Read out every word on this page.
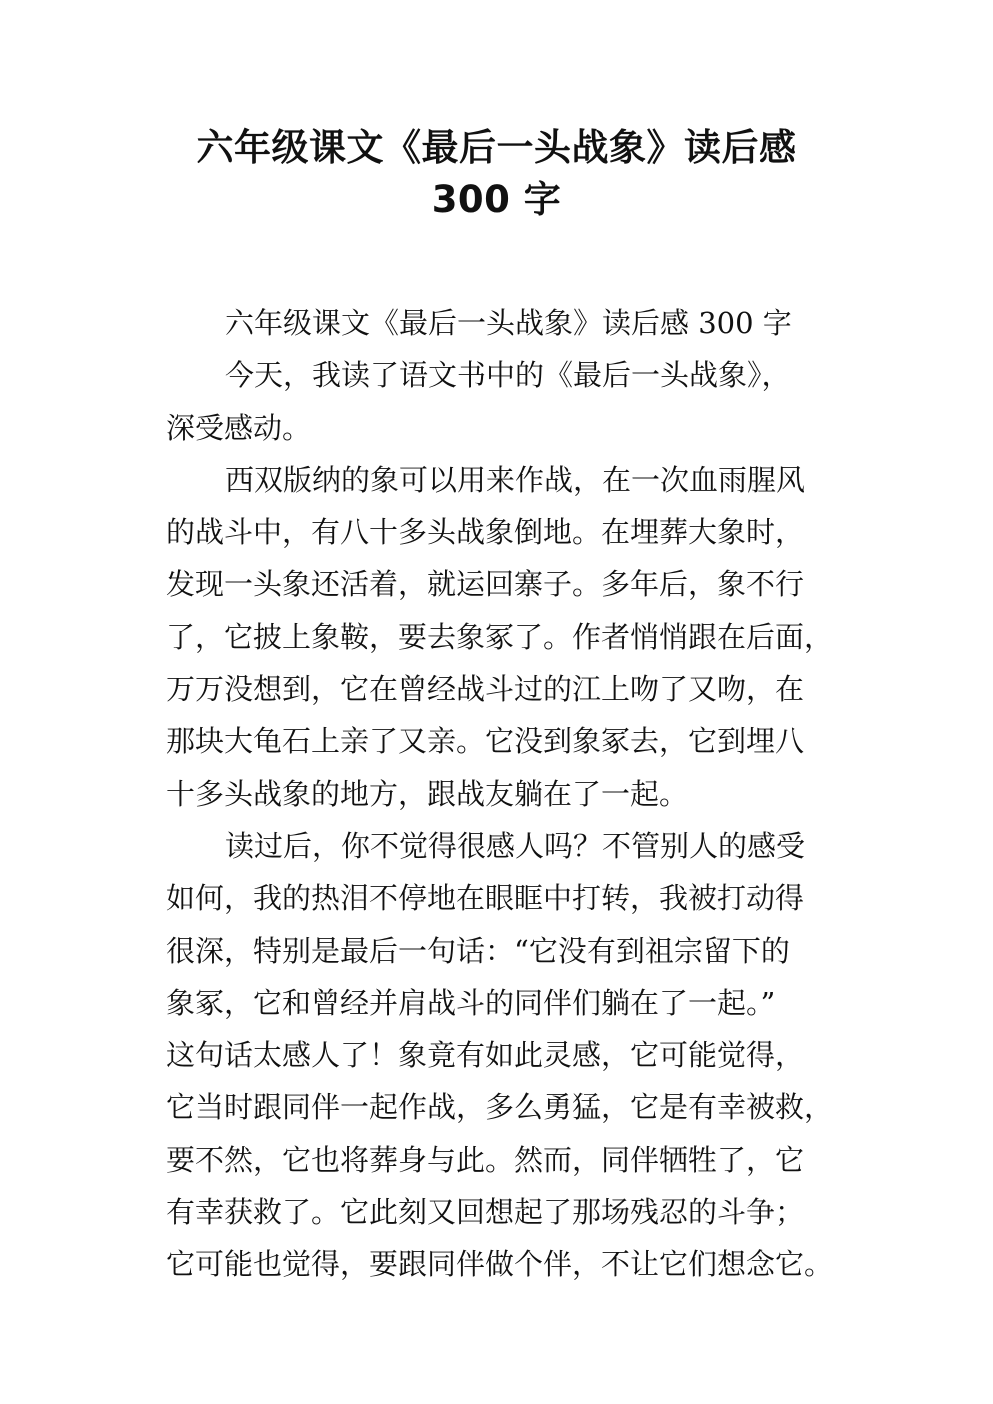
六年级课文《最后一头战象》读后感
300 字
六年级课文《最后一头战象》读后感 300 字
今天，我读了语文书中的《最后一头战象》，
深受感动。
西双版纳的象可以用来作战，在一次血雨腥风
的战斗中，有八十多头战象倒地。在埋葬大象时，
发现一头象还活着，就运回寨子。多年后，象不行
了，它披上象鞍，要去象冢了。作者悄悄跟在后面，
万万没想到，它在曾经战斗过的江上吻了又吻，在
那块大龟石上亲了又亲。它没到象冢去，它到埋八
十多头战象的地方，跟战友躺在了一起。
读过后，你不觉得很感人吗？不管别人的感受
如何，我的热泪不停地在眼眶中打转，我被打动得
很深，特别是最后一句话：“它没有到祖宗留下的
象冢，它和曾经并肩战斗的同伴们躺在了一起。”
这句话太感人了！象竟有如此灵感，它可能觉得，
它当时跟同伴一起作战，多么勇猛，它是有幸被救，
要不然，它也将葬身与此。然而，同伴牺牲了，它
有幸获救了。它此刻又回想起了那场残忍的斗争；
它可能也觉得，要跟同伴做个伴，不让它们想念它。
